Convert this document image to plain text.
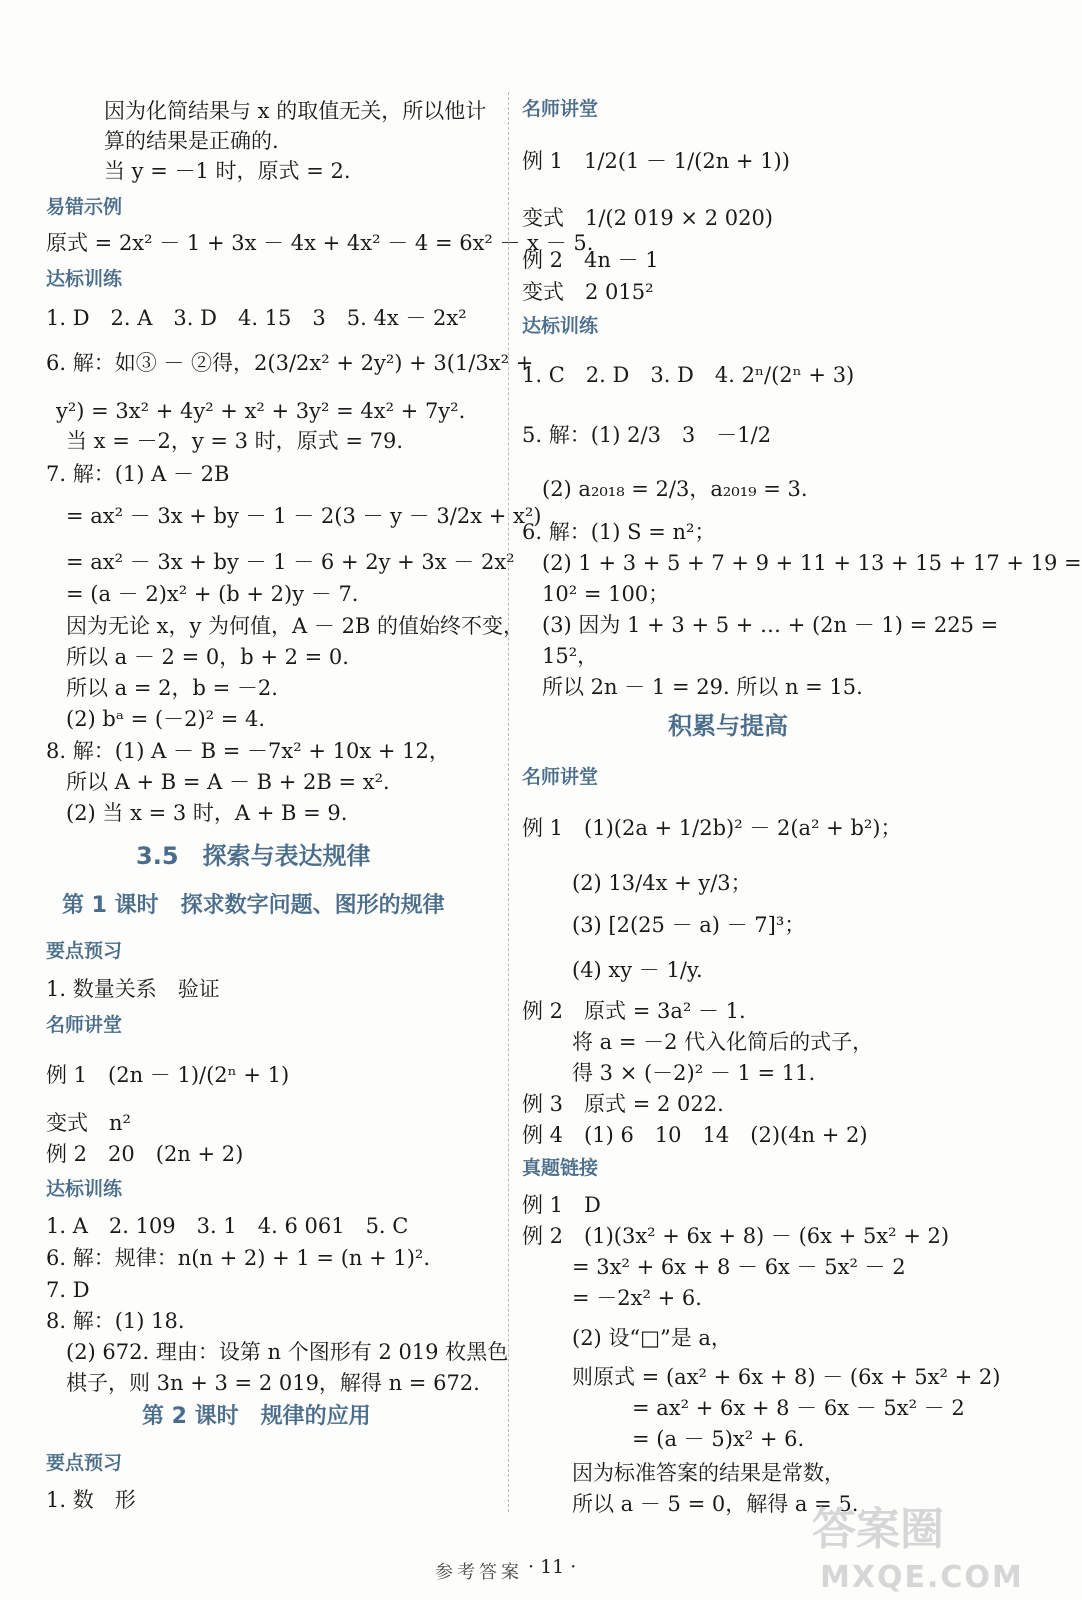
因为化简结果与 x 的取值无关，所以他计
算的结果是正确的.
当 y = －1 时，原式 = 2.
易错示例
原式 = 2x² － 1 + 3x － 4x + 4x² － 4 = 6x² － x － 5.
达标训练
1. D　2. A　3. D　4. 15　3　5. 4x － 2x²
6. 解：如③ － ②得，2(3/2x² + 2y²) + 3(1/3x² +
y²) = 3x² + 4y² + x² + 3y² = 4x² + 7y².
当 x = －2，y = 3 时，原式 = 79.
7. 解：(1) A － 2B
= ax² － 3x + by － 1 － 2(3 － y － 3/2x + x²)
= ax² － 3x + by － 1 － 6 + 2y + 3x － 2x²
= (a － 2)x² + (b + 2)y － 7.
因为无论 x，y 为何值，A － 2B 的值始终不变，
所以 a － 2 = 0，b + 2 = 0.
所以 a = 2，b = －2.
(2) bᵃ = (－2)² = 4.
8. 解：(1) A － B = －7x² + 10x + 12，
所以 A + B = A － B + 2B = x².
(2) 当 x = 3 时，A + B = 9.
3.5　探索与表达规律
第 1 课时　探求数字问题、图形的规律
要点预习
1. 数量关系　验证
名师讲堂
例 1　(2n － 1)/(2ⁿ + 1)
变式　n²
例 2　20　(2n + 2)
达标训练
1. A　2. 109　3. 1　4. 6 061　5. C
6. 解：规律：n(n + 2) + 1 = (n + 1)².
7. D
8. 解：(1) 18.
(2) 672. 理由：设第 n 个图形有 2 019 枚黑色
棋子，则 3n + 3 = 2 019，解得 n = 672.
第 2 课时　规律的应用
要点预习
1. 数　形
名师讲堂
例 1　1/2(1 － 1/(2n + 1))
变式　1/(2 019 × 2 020)
例 2　4n － 1
变式　2 015²
达标训练
1. C　2. D　3. D　4. 2ⁿ/(2ⁿ + 3)
5. 解：(1) 2/3　3　－1/2
(2) a₂₀₁₈ = 2/3，a₂₀₁₉ = 3.
6. 解：(1) S = n²；
(2) 1 + 3 + 5 + 7 + 9 + 11 + 13 + 15 + 17 + 19 =
10² = 100；
(3) 因为 1 + 3 + 5 + … + (2n － 1) = 225 =
15²，
所以 2n － 1 = 29. 所以 n = 15.
积累与提高
名师讲堂
例 1　(1)(2a + 1/2b)² － 2(a² + b²)；
(2) 13/4x + y/3；
(3) [2(25 － a) － 7]³；
(4) xy － 1/y.
例 2　原式 = 3a² － 1.
将 a = －2 代入化简后的式子，
得 3 × (－2)² － 1 = 11.
例 3　原式 = 2 022.
例 4　(1) 6　10　14　(2)(4n + 2)
真题链接
例 1　D
例 2　(1)(3x² + 6x + 8) － (6x + 5x² + 2)
= 3x² + 6x + 8 － 6x － 5x² － 2
= －2x² + 6.
(2) 设“□”是 a，
则原式 = (ax² + 6x + 8) － (6x + 5x² + 2)
= ax² + 6x + 8 － 6x － 5x² － 2
= (a － 5)x² + 6.
因为标准答案的结果是常数，
所以 a － 5 = 0，解得 a = 5.
参考答案 · 11 ·
答案圈
MXQE.COM
